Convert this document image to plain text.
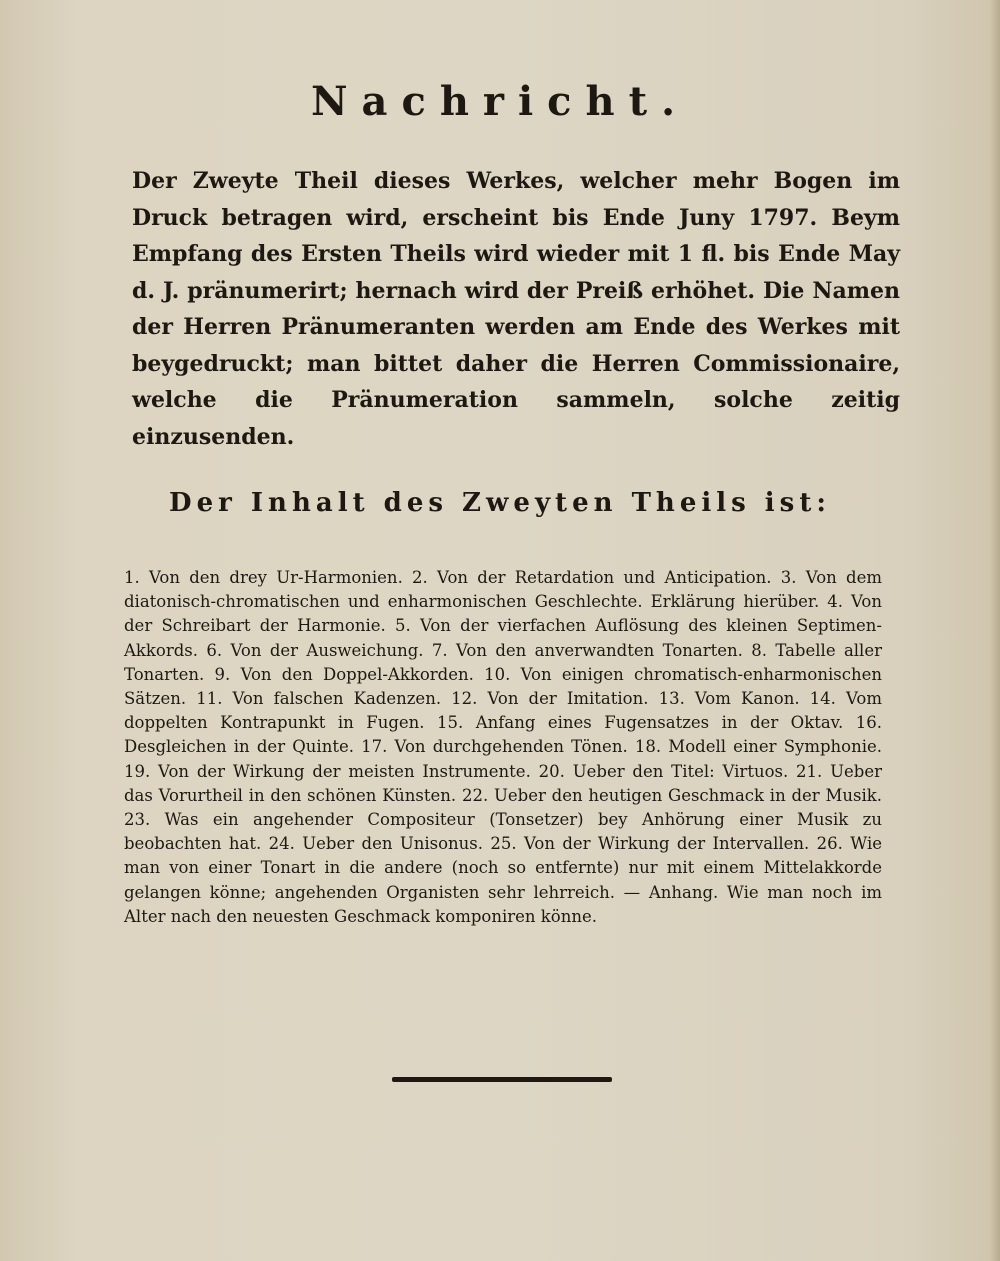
Nachricht.

Der Zweyte Theil dieses Werkes, welcher mehr Bogen im Druck betragen wird, erscheint bis Ende Juny 1797. Beym Empfang des Ersten Theils wird wieder mit 1 fl. bis Ende May d. J. pränumerirt; hernach wird der Preiß erhöhet. Die Namen der Herren Pränumeranten werden am Ende des Werkes mit beygedruckt; man bittet daher die Herren Commissionaire, welche die Pränumeration sammeln, solche zeitig einzusenden.

Der Inhalt des Zweyten Theils ist:

1. Von den drey Ur-Harmonien. 2. Von der Retardation und Anticipation. 3. Von dem diatonisch-chromatischen und enharmonischen Geschlechte. Erklärung hierüber. 4. Von der Schreibart der Harmonie. 5. Von der vierfachen Auflösung des kleinen Septimen-Akkords. 6. Von der Ausweichung. 7. Von den anverwandten Tonarten. 8. Tabelle aller Tonarten. 9. Von den Doppel-Akkorden. 10. Von einigen chromatisch-enharmonischen Sätzen. 11. Von falschen Kadenzen. 12. Von der Imitation. 13. Vom Kanon. 14. Vom doppelten Kontrapunkt in Fugen. 15. Anfang eines Fugensatzes in der Oktav. 16. Desgleichen in der Quinte. 17. Von durchgehenden Tönen. 18. Modell einer Symphonie. 19. Von der Wirkung der meisten Instrumente. 20. Ueber den Titel: Virtuos. 21. Ueber das Vorurtheil in den schönen Künsten. 22. Ueber den heutigen Geschmack in der Musik. 23. Was ein angehender Compositeur (Tonsetzer) bey Anhörung einer Musik zu beobachten hat. 24. Ueber den Unisonus. 25. Von der Wirkung der Intervallen. 26. Wie man von einer Tonart in die andere (noch so entfernte) nur mit einem Mittelakkorde gelangen könne; angehenden Organisten sehr lehrreich. — Anhang. Wie man noch im Alter nach den neuesten Geschmack komponiren könne.
